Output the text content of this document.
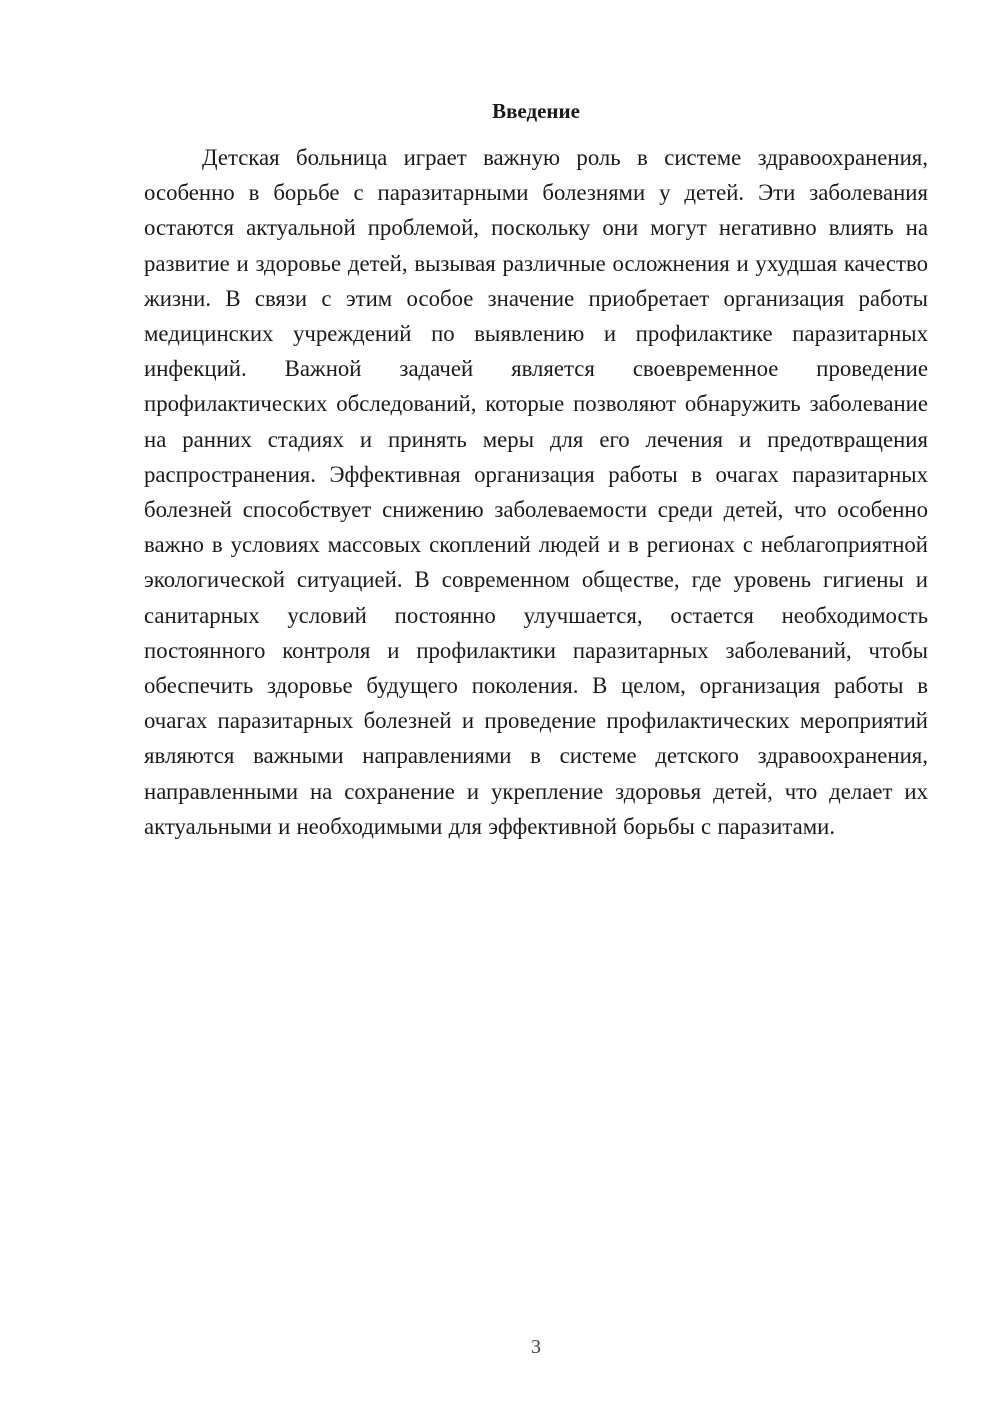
Введение

Детская больница играет важную роль в системе здравоохранения, особенно в борьбе с паразитарными болезнями у детей. Эти заболевания остаются актуальной проблемой, поскольку они могут негативно влиять на развитие и здоровье детей, вызывая различные осложнения и ухудшая качество жизни. В связи с этим особое значение приобретает организация работы медицинских учреждений по выявлению и профилактике паразитарных инфекций. Важной задачей является своевременное проведение профилактических обследований, которые позволяют обнаружить заболевание на ранних стадиях и принять меры для его лечения и предотвращения распространения. Эффективная организация работы в очагах паразитарных болезней способствует снижению заболеваемости среди детей, что особенно важно в условиях массовых скоплений людей и в регионах с неблагоприятной экологической ситуацией. В современном обществе, где уровень гигиены и санитарных условий постоянно улучшается, остается необходимость постоянного контроля и профилактики паразитарных заболеваний, чтобы обеспечить здоровье будущего поколения. В целом, организация работы в очагах паразитарных болезней и проведение профилактических мероприятий являются важными направлениями в системе детского здравоохранения, направленными на сохранение и укрепление здоровья детей, что делает их актуальными и необходимыми для эффективной борьбы с паразитами.

3
